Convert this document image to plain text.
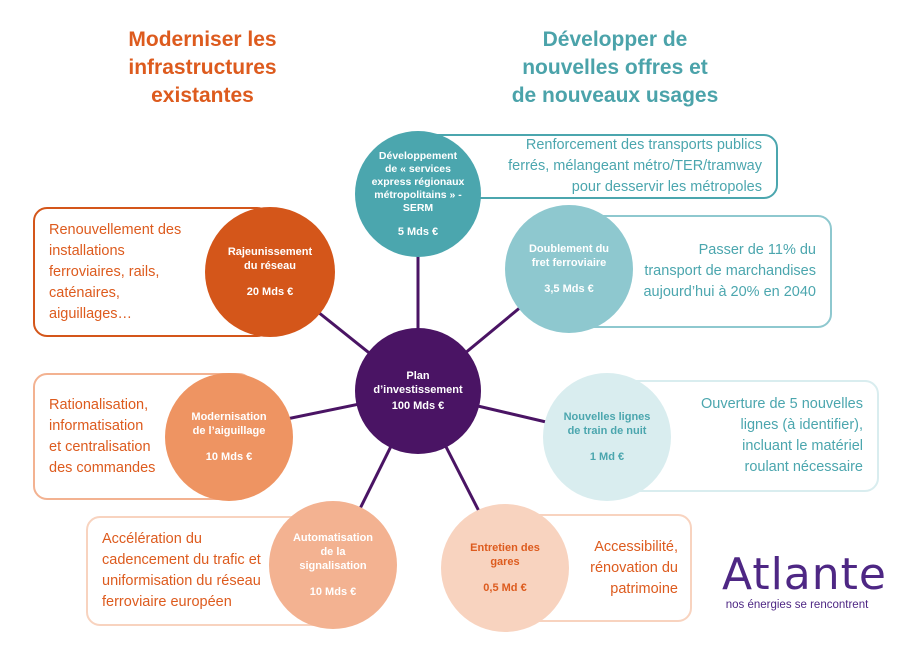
Moderniser les
infrastructures
existantes
Développer de
nouvelles offres et
de nouveaux usages
Renforcement des transports publics
ferrés, mélangeant métro/TER/tramway
pour desservir les métropoles
Passer de 11% du
transport de marchandises
aujourd’hui à 20% en 2040
Ouverture de 5 nouvelles
lignes (à identifier),
incluant le matériel
roulant nécessaire
Accessibilité,
rénovation du
patrimoine
Accélération du
cadencement du trafic et
uniformisation du réseau
ferroviaire européen
Rationalisation,
informatisation
et centralisation
des commandes
Renouvellement des
installations
ferroviaires, rails,
caténaires,
aiguillages…
Développement
de « services
express régionaux
métropolitains » -
SERM
5 Mds €
Doublement du
fret ferroviaire
3,5 Mds €
Nouvelles lignes
de train de nuit
1 Md €
Entretien des
gares
0,5 Md €
Automatisation
de la
signalisation
10 Mds €
Modernisation
de l’aiguillage
10 Mds €
Rajeunissement
du réseau
20 Mds €
Plan
d’investissement
100 Mds €
Atlante
nos énergies se rencontrent
